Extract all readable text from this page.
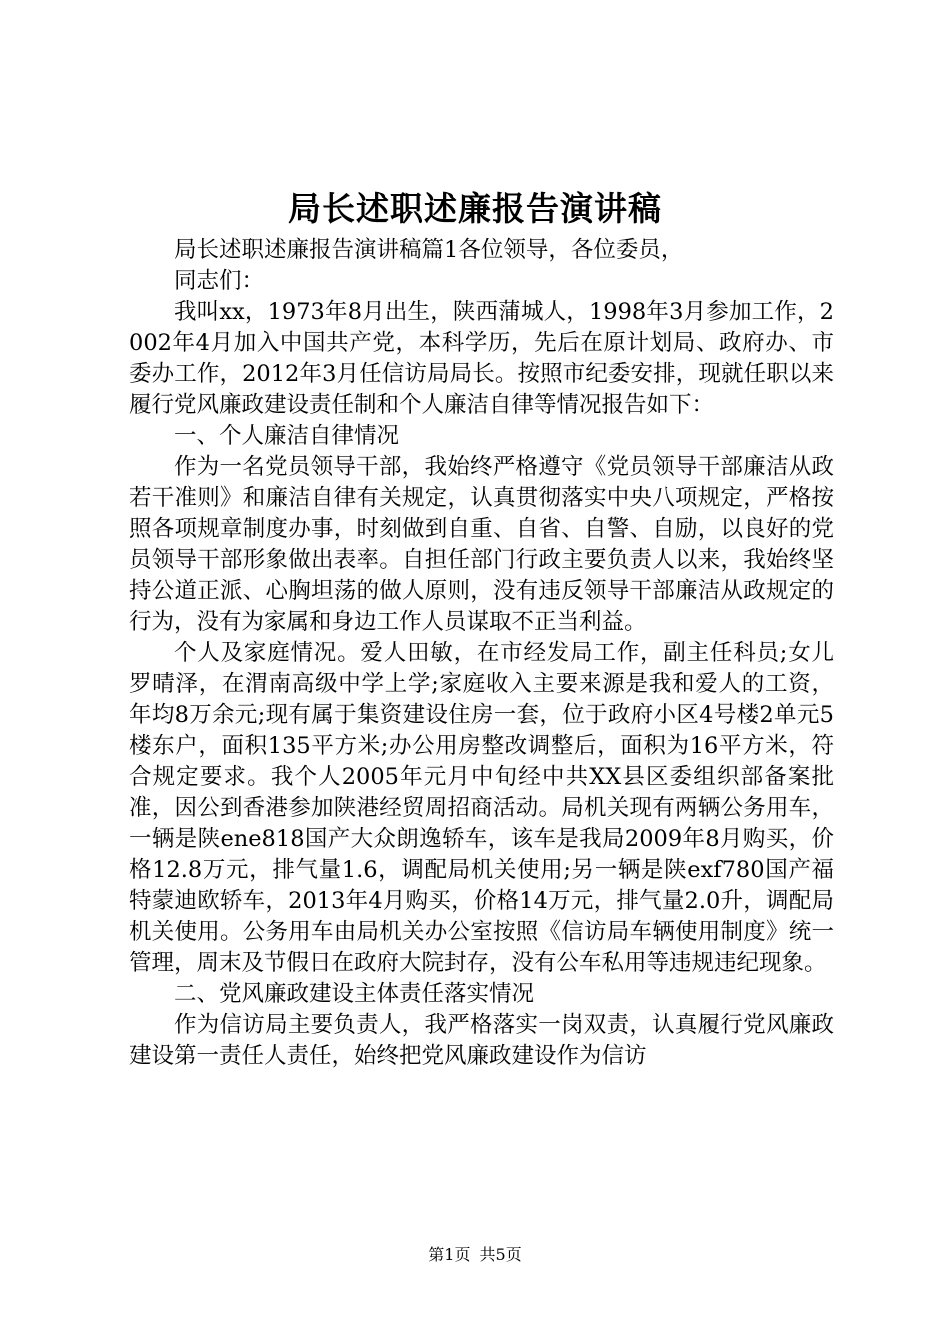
局长述职述廉报告演讲稿

局长述职述廉报告演讲稿篇1各位领导，各位委员，

同志们：

我叫xx，1973年8月出生，陕西蒲城人，1998年3月参加工作，2002年4月加入中国共产党，本科学历，先后在原计划局、政府办、市委办工作，2012年3月任信访局局长。按照市纪委安排，现就任职以来履行党风廉政建设责任制和个人廉洁自律等情况报告如下：

一、个人廉洁自律情况

作为一名党员领导干部，我始终严格遵守《党员领导干部廉洁从政若干准则》和廉洁自律有关规定，认真贯彻落实中央八项规定，严格按照各项规章制度办事，时刻做到自重、自省、自警、自励，以良好的党员领导干部形象做出表率。自担任部门行政主要负责人以来，我始终坚持公道正派、心胸坦荡的做人原则，没有违反领导干部廉洁从政规定的行为，没有为家属和身边工作人员谋取不正当利益。

个人及家庭情况。爱人田敏，在市经发局工作，副主任科员;女儿罗晴泽，在渭南高级中学上学;家庭收入主要来源是我和爱人的工资，年均8万余元;现有属于集资建设住房一套，位于政府小区4号楼2单元5楼东户，面积135平方米;办公用房整改调整后，面积为16平方米，符合规定要求。我个人2005年元月中旬经中共XX县区委组织部备案批准，因公到香港参加陕港经贸周招商活动。局机关现有两辆公务用车，一辆是陕ene818国产大众朗逸轿车，该车是我局2009年8月购买，价格12.8万元，排气量1.6，调配局机关使用;另一辆是陕exf780国产福特蒙迪欧轿车，2013年4月购买，价格14万元，排气量2.0升，调配局机关使用。公务用车由局机关办公室按照《信访局车辆使用制度》统一管理，周末及节假日在政府大院封存，没有公车私用等违规违纪现象。

二、党风廉政建设主体责任落实情况

作为信访局主要负责人，我严格落实一岗双责，认真履行党风廉政建设第一责任人责任，始终把党风廉政建设作为信访

第1页 共5页
